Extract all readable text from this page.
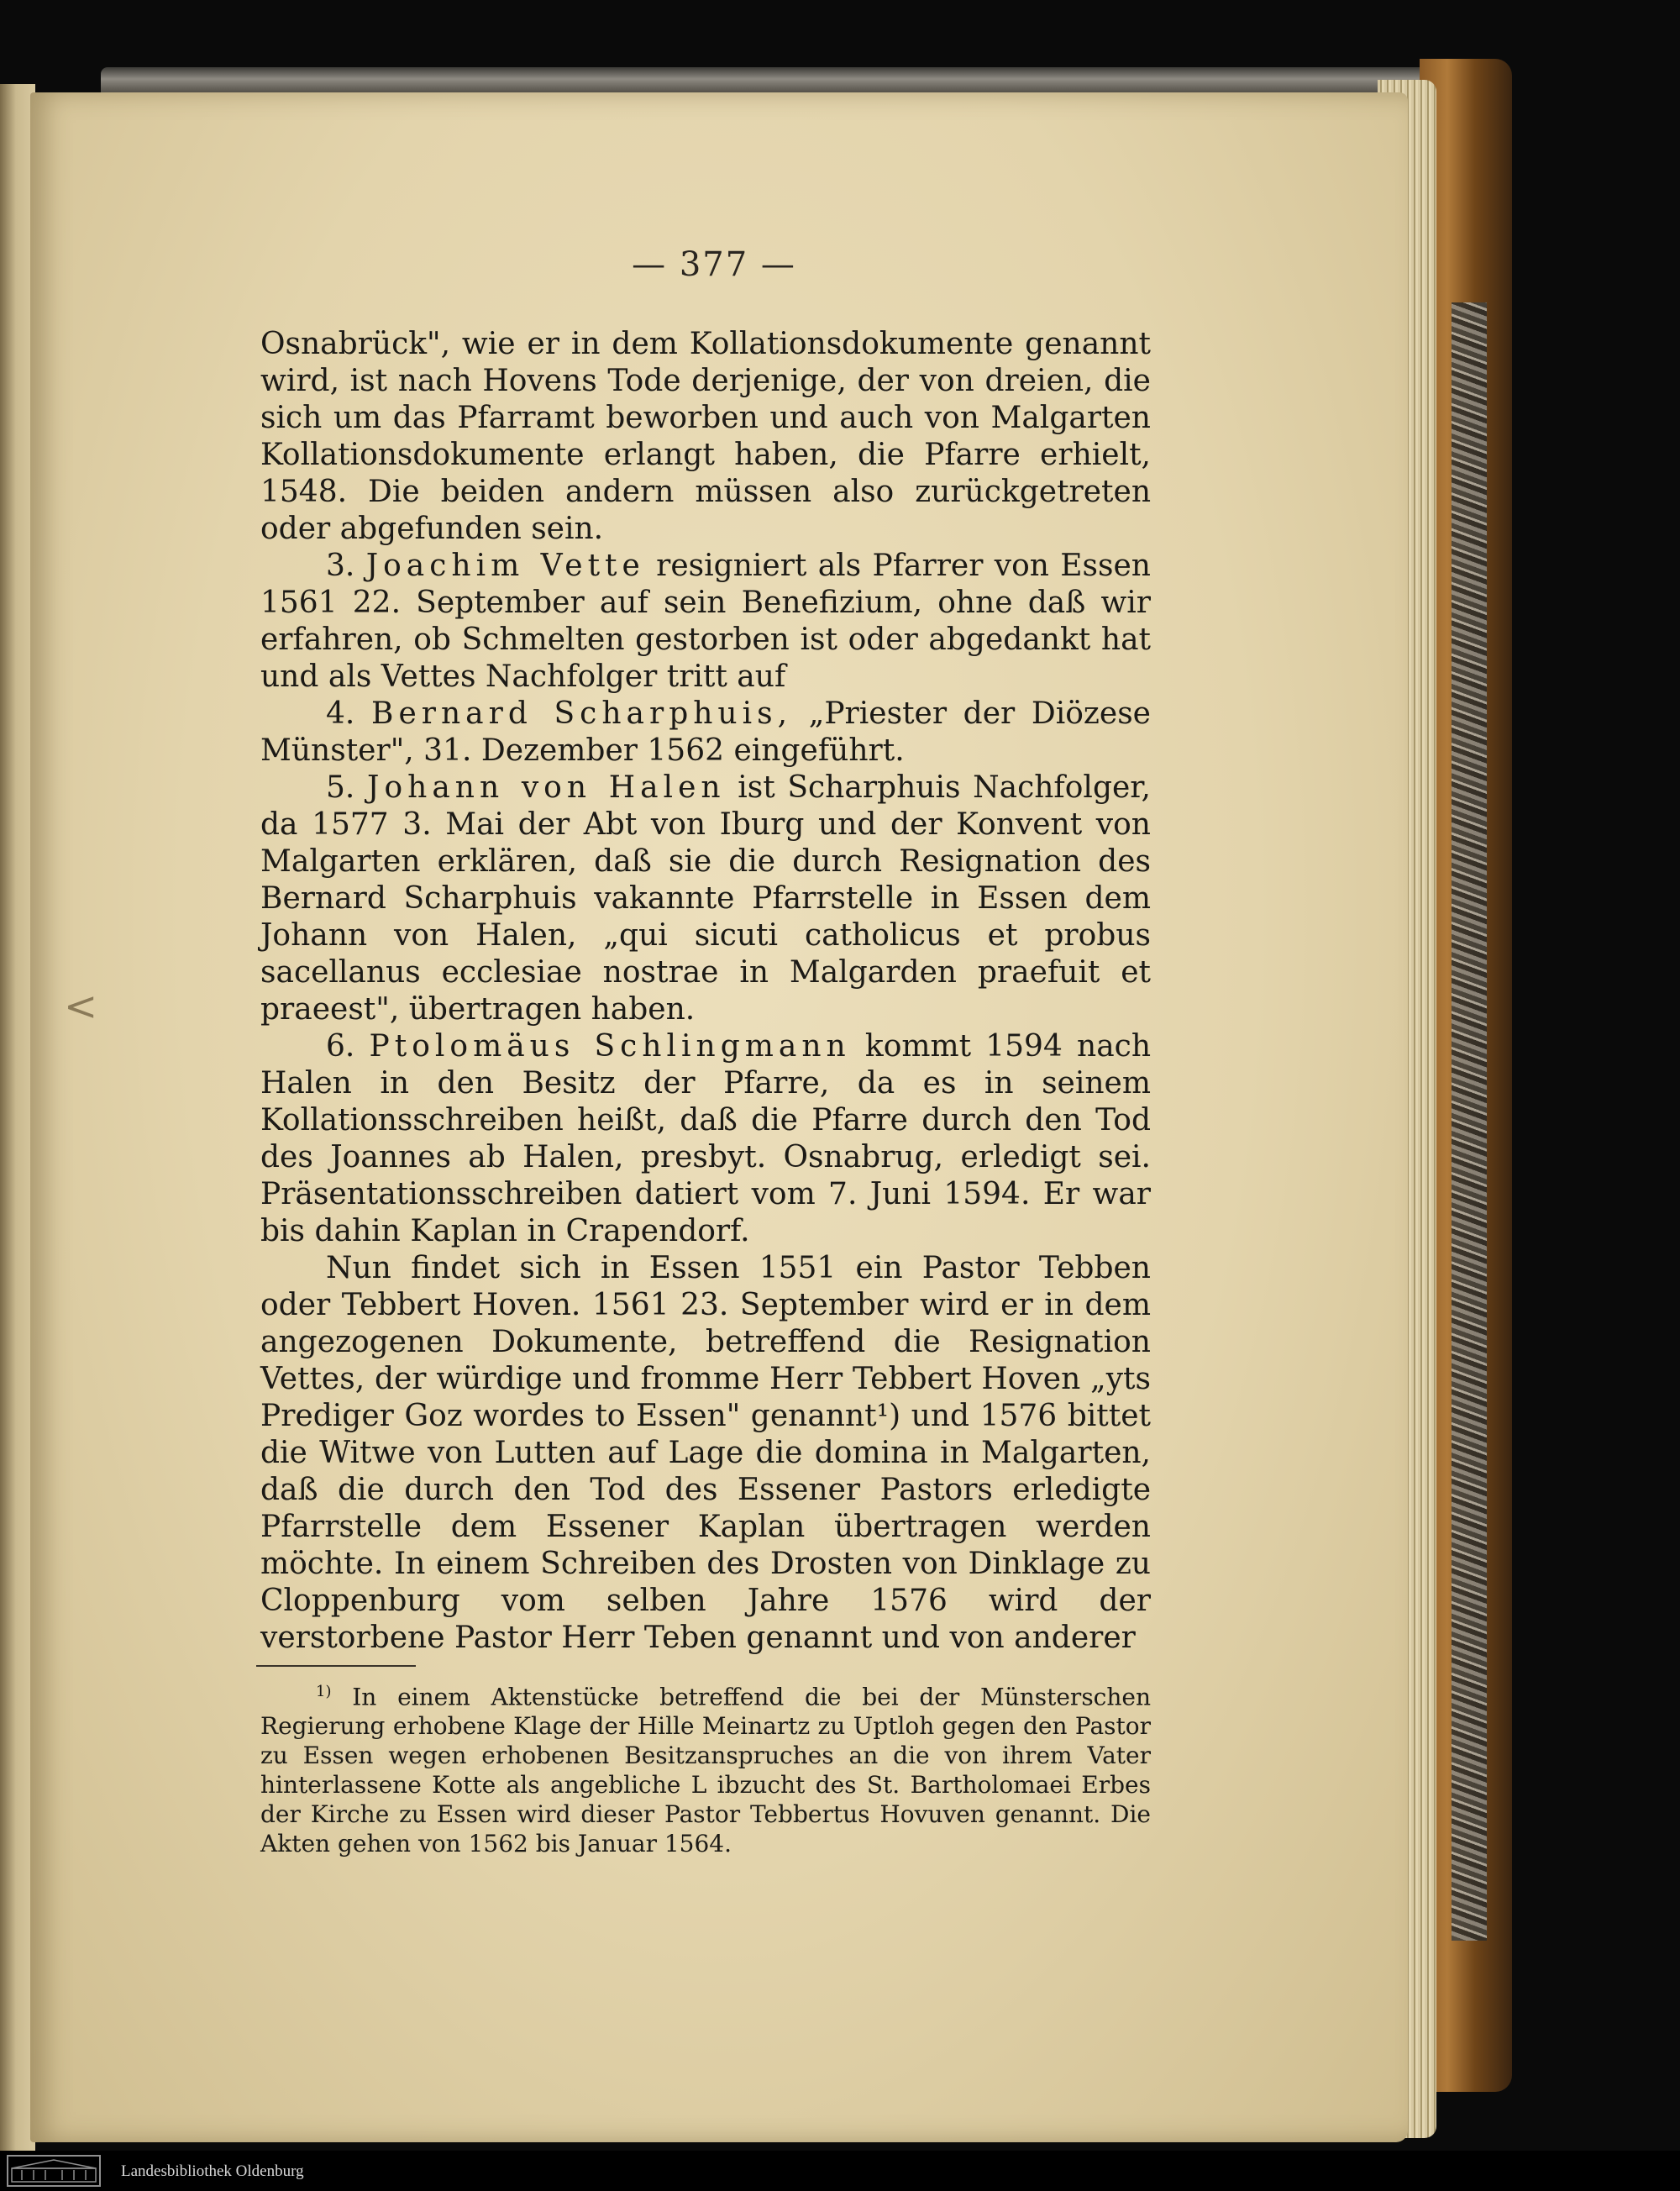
<
— 377 —

Osnabrück", wie er in dem Kollationsdokumente genannt wird, ist nach Hovens Tode derjenige, der von dreien, die sich um das Pfarramt beworben und auch von Malgarten Kollationsdokumente erlangt haben, die Pfarre erhielt, 1548. Die beiden andern müssen also zurückgetreten oder abgefunden sein.

3. Joachim Vette resigniert als Pfarrer von Essen 1561 22. September auf sein Benefizium, ohne daß wir erfahren, ob Schmelten gestorben ist oder abgedankt hat und als Vettes Nachfolger tritt auf

4. Bernard Scharphuis, „Priester der Diözese Münster", 31. Dezember 1562 eingeführt.

5. Johann von Halen ist Scharphuis Nachfolger, da 1577 3. Mai der Abt von Iburg und der Konvent von Malgarten erklären, daß sie die durch Resignation des Bernard Scharphuis vakannte Pfarrstelle in Essen dem Johann von Halen, „qui sicuti catholicus et probus sacellanus ecclesiae nostrae in Malgarden praefuit et praeest", übertragen haben.

6. Ptolomäus Schlingmann kommt 1594 nach Halen in den Besitz der Pfarre, da es in seinem Kollationsschreiben heißt, daß die Pfarre durch den Tod des Joannes ab Halen, presbyt. Osnabrug, erledigt sei. Präsentationsschreiben datiert vom 7. Juni 1594. Er war bis dahin Kaplan in Crapendorf.

Nun findet sich in Essen 1551 ein Pastor Tebben oder Tebbert Hoven. 1561 23. September wird er in dem angezogenen Dokumente, betreffend die Resignation Vettes, der würdige und fromme Herr Tebbert Hoven „yts Prediger Goz wordes to Essen" genannt¹) und 1576 bittet die Witwe von Lutten auf Lage die domina in Malgarten, daß die durch den Tod des Essener Pastors erledigte Pfarrstelle dem Essener Kaplan übertragen werden möchte. In einem Schreiben des Drosten von Dinklage zu Cloppenburg vom selben Jahre 1576 wird der verstorbene Pastor Herr Teben genannt und von anderer

$^{1)}$ In einem Aktenstücke betreffend die bei der Münsterschen Regierung erhobene Klage der Hille Meinartz zu Uptloh gegen den Pastor zu Essen wegen erhobenen Besitzanspruches an die von ihrem Vater hinterlassene Kotte als angebliche L ibzucht des St. Bartholomaei Erbes der Kirche zu Essen wird dieser Pastor Tebbertus Hovuven genannt. Die Akten gehen von 1562 bis Januar 1564.

Landesbibliothek Oldenburg
